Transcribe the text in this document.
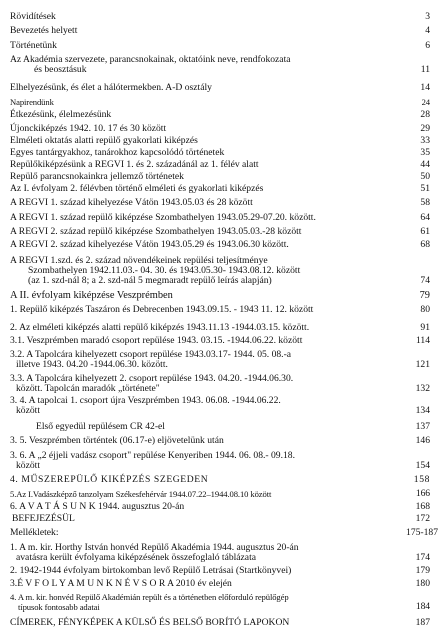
Rövidítések	3
Bevezetés helyett	4
Történetünk	6
Az Akadémia szervezete, parancsnokainak, oktatóink neve, rendfokozata
és beosztásuk	11
Elhelyezésünk, és élet a hálótermekben. A-D osztály	14
Napirendünk	24
Étkezésünk, élelmezésünk	28
Újonckiképzés 1942. 10. 17 és 30 között	29
Elméleti oktatás alatti repülő gyakorlati kiképzés	33
Egyes tantárgyakhoz, tanárokhoz kapcsolódó történetek	35
Repülőkiképzésünk a REGVI 1. és 2. századánál az 1. félév alatt	44
Repülő parancsnokainkra jellemző történetek	50
Az I. évfolyam 2. félévben történő elméleti és gyakorlati kiképzés	51
A REGVI 1. század kihelyezése Vátön 1943.05.03 és 28 között	58
A REGVI 1. század repülő kiképzése Szombathelyen 1943.05.29-07.20. között.	64
A REGVI 2. század repülő kiképzése Szombathelyen 1943.05.03.-28 között	61
A REGVI 2. század kihelyezése Vátön 1943.05.29 és 1943.06.30 között.	68
A REGVI 1.szd. és 2. század növendékeinek repülési teljesítménye
Szombathelyen 1942.11.03.- 04. 30. és 1943.05.30- 1943.08.12. között
(az 1. szd-nál 8; a 2. szd-nál 5 megmaradt repülő leírás alapján)	74
A II. évfolyam kiképzése Veszprémben	79
1. Repülő kiképzés Taszáron és Debrecenben 1943.09.15. - 1943 11. 12. között	80
2. Az elméleti kiképzés alatti repülő kiképzés 1943.11.13 -1944.03.15. között.	91
3.1. Veszprémben maradó csoport repülése 1943. 03.15. -1944.06.22. között	114
3.2. A Tapolcára kihelyezett csoport repülése 1943.03.17- 1944. 05. 08.-a
illetve 1943. 04.20 -1944.06.30. között.	121
3.3. A Tapolcára kihelyezett 2. csoport repülése 1943. 04.20. -1944.06.30.
között. Tapolcán maradók „története"	132
3. 4. A tapolcai 1. csoport újra Veszprémben 1943. 06.08. -1944.06.22.
között	134
Első egyedül repülésem CR 42-el	137
3. 5. Veszprémben történtek (06.17-e) eljövetelünk után	146
3. 6. A „2 éjjeli vadász csoport" repülése Kenyeriben 1944. 06. 08.- 09.18.
között	154
4. MŰSZEREPÜLŐ KIKÉPZÉS SZEGEDEN	158
5.Az I.Vadászképző tanzolyam Székesfehérvár 1944.07.22–1944.08.10 között	166
6. A V A T Á S U N K 1944. augusztus 20-án	168
BEFEJEZÉSÜL	172
Mellékletek:	175-187
1. A m. kir. Horthy István honvéd Repülő Akadémia 1944. augusztus 20-án
avatásra került évfolyama kiképzésének összefoglaló táblázata	174
2. 1942-1944 évfolyam birtokomban levő Repülő Letrásai (Startkönyvei)	179
3.É V F O L Y A M U N K N É V S O R A 2010 év elején	180
4. A m. kir. honvéd Repülő Akadémián repült és a történetben előforduló repülőgép
típusok fontosabb adatai	184
CÍMEREK, FÉNYKÉPEK A KÜLSŐ ÉS BELSŐ BORÍTÓ LAPOKON	187
